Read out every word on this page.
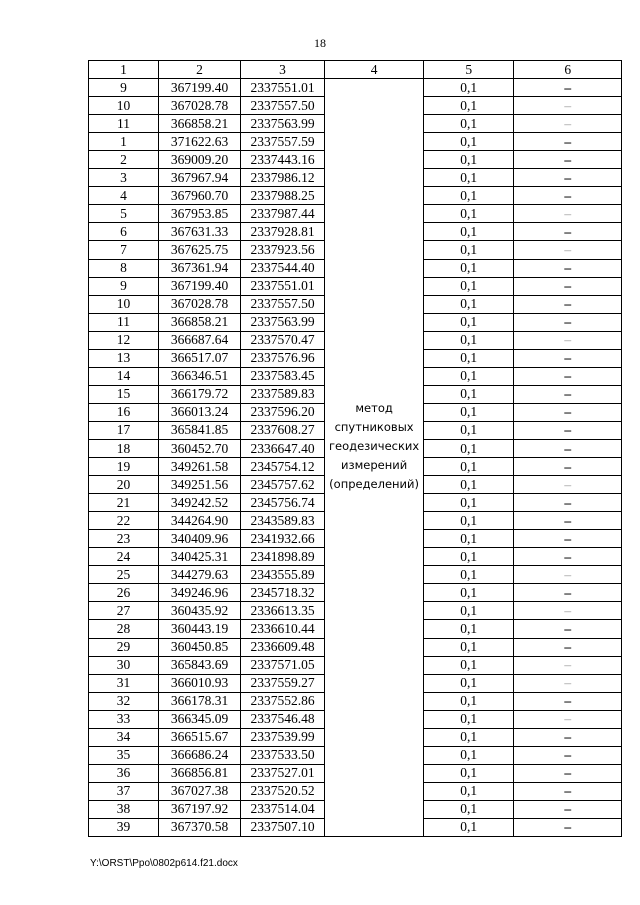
18
1	2	3	4	5	6
9	367199.40	2337551.01	метод спутниковых геодезических измерений (определений)	0,1	–
10	367028.78	2337557.50		0,1	–
11	366858.21	2337563.99		0,1	–
1	371622.63	2337557.59		0,1	–
2	369009.20	2337443.16		0,1	–
3	367967.94	2337986.12		0,1	–
4	367960.70	2337988.25		0,1	–
5	367953.85	2337987.44		0,1	–
6	367631.33	2337928.81		0,1	–
7	367625.75	2337923.56		0,1	–
8	367361.94	2337544.40		0,1	–
9	367199.40	2337551.01		0,1	–
10	367028.78	2337557.50		0,1	–
11	366858.21	2337563.99		0,1	–
12	366687.64	2337570.47		0,1	–
13	366517.07	2337576.96		0,1	–
14	366346.51	2337583.45		0,1	–
15	366179.72	2337589.83		0,1	–
16	366013.24	2337596.20		0,1	–
17	365841.85	2337608.27		0,1	–
18	360452.70	2336647.40		0,1	–
19	349261.58	2345754.12		0,1	–
20	349251.56	2345757.62		0,1	–
21	349242.52	2345756.74		0,1	–
22	344264.90	2343589.83		0,1	–
23	340409.96	2341932.66		0,1	–
24	340425.31	2341898.89		0,1	–
25	344279.63	2343555.89		0,1	–
26	349246.96	2345718.32		0,1	–
27	360435.92	2336613.35		0,1	–
28	360443.19	2336610.44		0,1	–
29	360450.85	2336609.48		0,1	–
30	365843.69	2337571.05		0,1	–
31	366010.93	2337559.27		0,1	–
32	366178.31	2337552.86		0,1	–
33	366345.09	2337546.48		0,1	–
34	366515.67	2337539.99		0,1	–
35	366686.24	2337533.50		0,1	–
36	366856.81	2337527.01		0,1	–
37	367027.38	2337520.52		0,1	–
38	367197.92	2337514.04		0,1	–
39	367370.58	2337507.10		0,1	–
Y:\ORST\Ppo\0802p614.f21.docx
